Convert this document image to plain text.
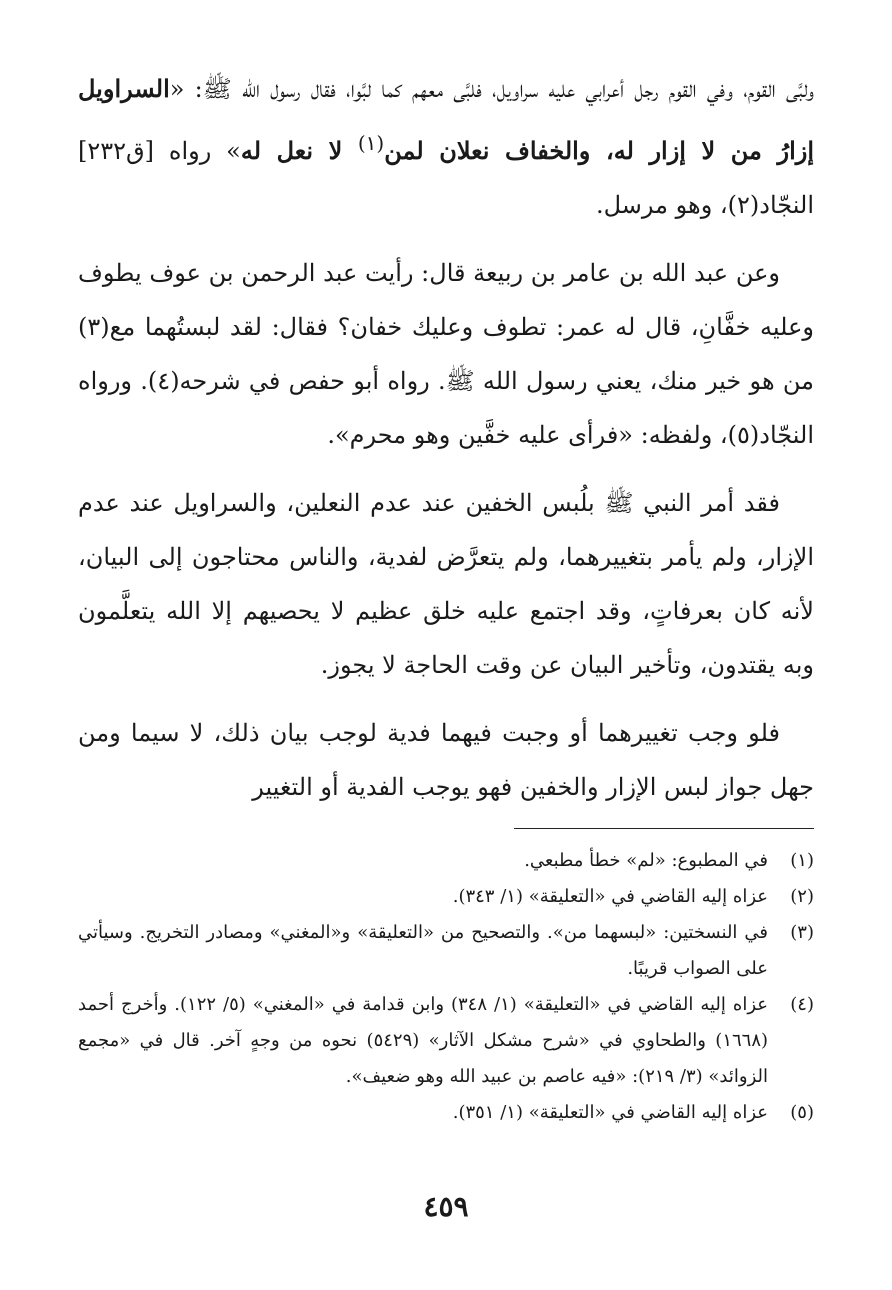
ولبَّى القوم، وفي القوم رجل أعرابي عليه سراويل، فلبَّى معهم كما لبَّوا، فقال رسول الله ﷺ: «السراويل إزارُ من لا إزار له، والخفاف نعلان لمن$^{(١)}$ لا نعل له» رواه [ق٢٣٢] النجّاد(٢)، وهو مرسل.

وعن عبد الله بن عامر بن ربيعة قال: رأيت عبد الرحمن بن عوف يطوف وعليه خفَّانِ، قال له عمر: تطوف وعليك خفان؟ فقال: لقد لبستُهما مع(٣) من هو خير منك، يعني رسول الله ﷺ. رواه أبو حفص في شرحه(٤). ورواه النجّاد(٥)، ولفظه: «فرأى عليه خفَّين وهو محرم».

فقد أمر النبي ﷺ بلُبس الخفين عند عدم النعلين، والسراويل عند عدم الإزار، ولم يأمر بتغييرهما، ولم يتعرَّض لفدية، والناس محتاجون إلى البيان، لأنه كان بعرفاتٍ، وقد اجتمع عليه خلق عظيم لا يحصيهم إلا الله يتعلَّمون وبه يقتدون، وتأخير البيان عن وقت الحاجة لا يجوز.

فلو وجب تغييرهما أو وجبت فيهما فدية لوجب بيان ذلك، لا سيما ومن جهل جواز لبس الإزار والخفين فهو يوجب الفدية أو التغيير

(١)
في المطبوع: «لم» خطأ مطبعي.
(٢)
عزاه إليه القاضي في «التعليقة» (١/ ٣٤٣).
(٣)
في النسختين: «لبسهما من». والتصحيح من «التعليقة» و«المغني» ومصادر التخريج. وسيأتي على الصواب قريبًا.
(٤)
عزاه إليه القاضي في «التعليقة» (١/ ٣٤٨) وابن قدامة في «المغني» (٥/ ١٢٢). وأخرج أحمد (١٦٦٨) والطحاوي في «شرح مشكل الآثار» (٥٤٢٩) نحوه من وجهٍ آخر. قال في «مجمع الزوائد» (٣/ ٢١٩): «فيه عاصم بن عبيد الله وهو ضعيف».
(٥)
عزاه إليه القاضي في «التعليقة» (١/ ٣٥١).
٤٥٩
